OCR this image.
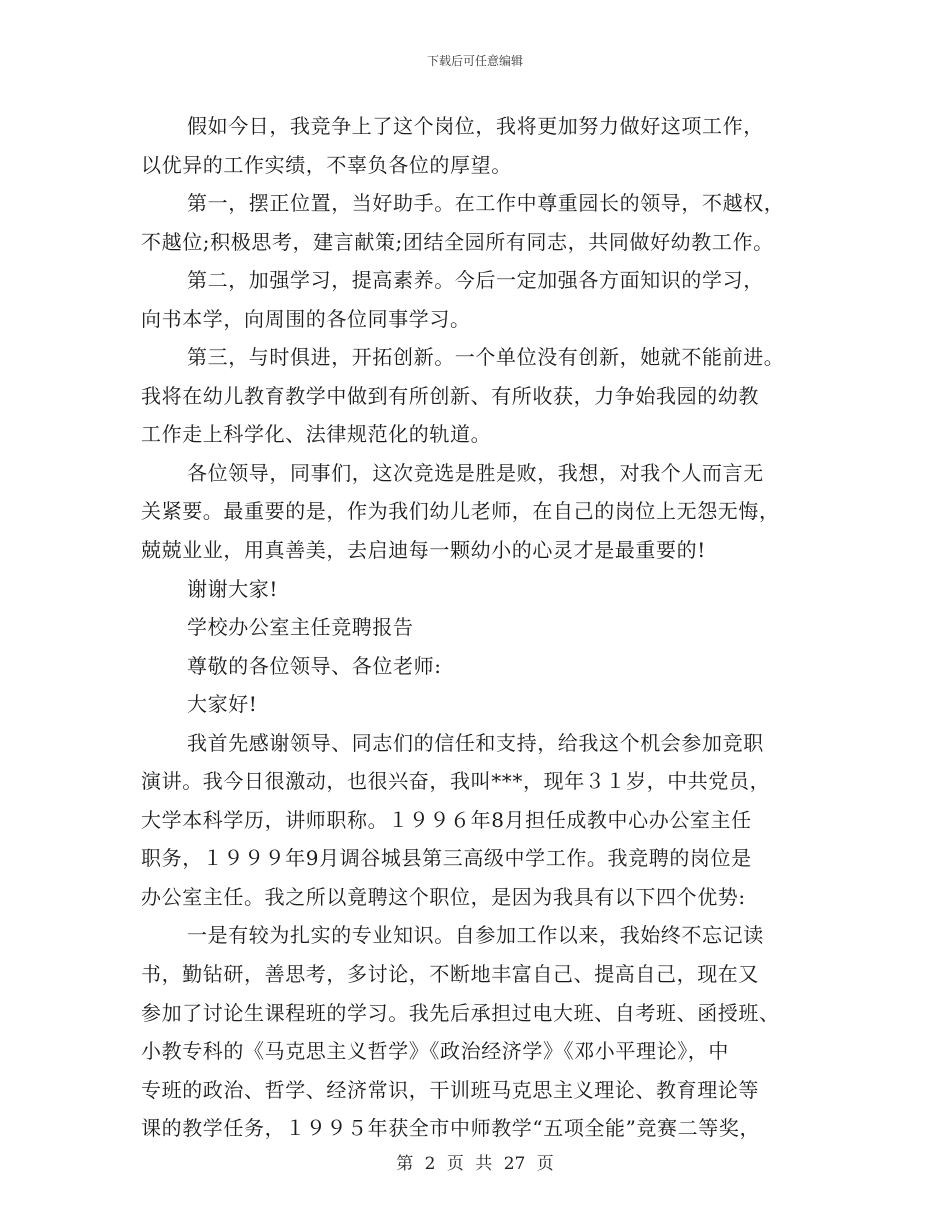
下载后可任意编辑
假如今日，我竞争上了这个岗位，我将更加努力做好这项工作，
以优异的工作实绩，不辜负各位的厚望。
第一，摆正位置，当好助手。在工作中尊重园长的领导，不越权，
不越位;积极思考，建言献策;团结全园所有同志，共同做好幼教工作。
第二，加强学习，提高素养。今后一定加强各方面知识的学习，
向书本学，向周围的各位同事学习。
第三，与时俱进，开拓创新。一个单位没有创新，她就不能前进。
我将在幼儿教育教学中做到有所创新、有所收获，力争始我园的幼教
工作走上科学化、法律规范化的轨道。
各位领导，同事们，这次竞选是胜是败，我想，对我个人而言无
关紧要。最重要的是，作为我们幼儿老师，在自己的岗位上无怨无悔，
兢兢业业，用真善美，去启迪每一颗幼小的心灵才是最重要的!
谢谢大家!
学校办公室主任竞聘报告
尊敬的各位领导、各位老师:
大家好!
我首先感谢领导、同志们的信任和支持，给我这个机会参加竞职
演讲。我今日很激动，也很兴奋，我叫***，现年３１岁，中共党员，
大学本科学历，讲师职称。１９９６年8月担任成教中心办公室主任
职务，１９９９年9月调谷城县第三高级中学工作。我竞聘的岗位是
办公室主任。我之所以竟聘这个职位，是因为我具有以下四个优势:
一是有较为扎实的专业知识。自参加工作以来，我始终不忘记读
书，勤钻研，善思考，多讨论，不断地丰富自己、提高自己，现在又
参加了讨论生课程班的学习。我先后承担过电大班、自考班、函授班、
小教专科的《马克思主义哲学》《政治经济学》《邓小平理论》，中
专班的政治、哲学、经济常识，干训班马克思主义理论、教育理论等
课的教学任务，１９９５年获全市中师教学“五项全能”竞赛二等奖，
第 2 页 共 27 页
